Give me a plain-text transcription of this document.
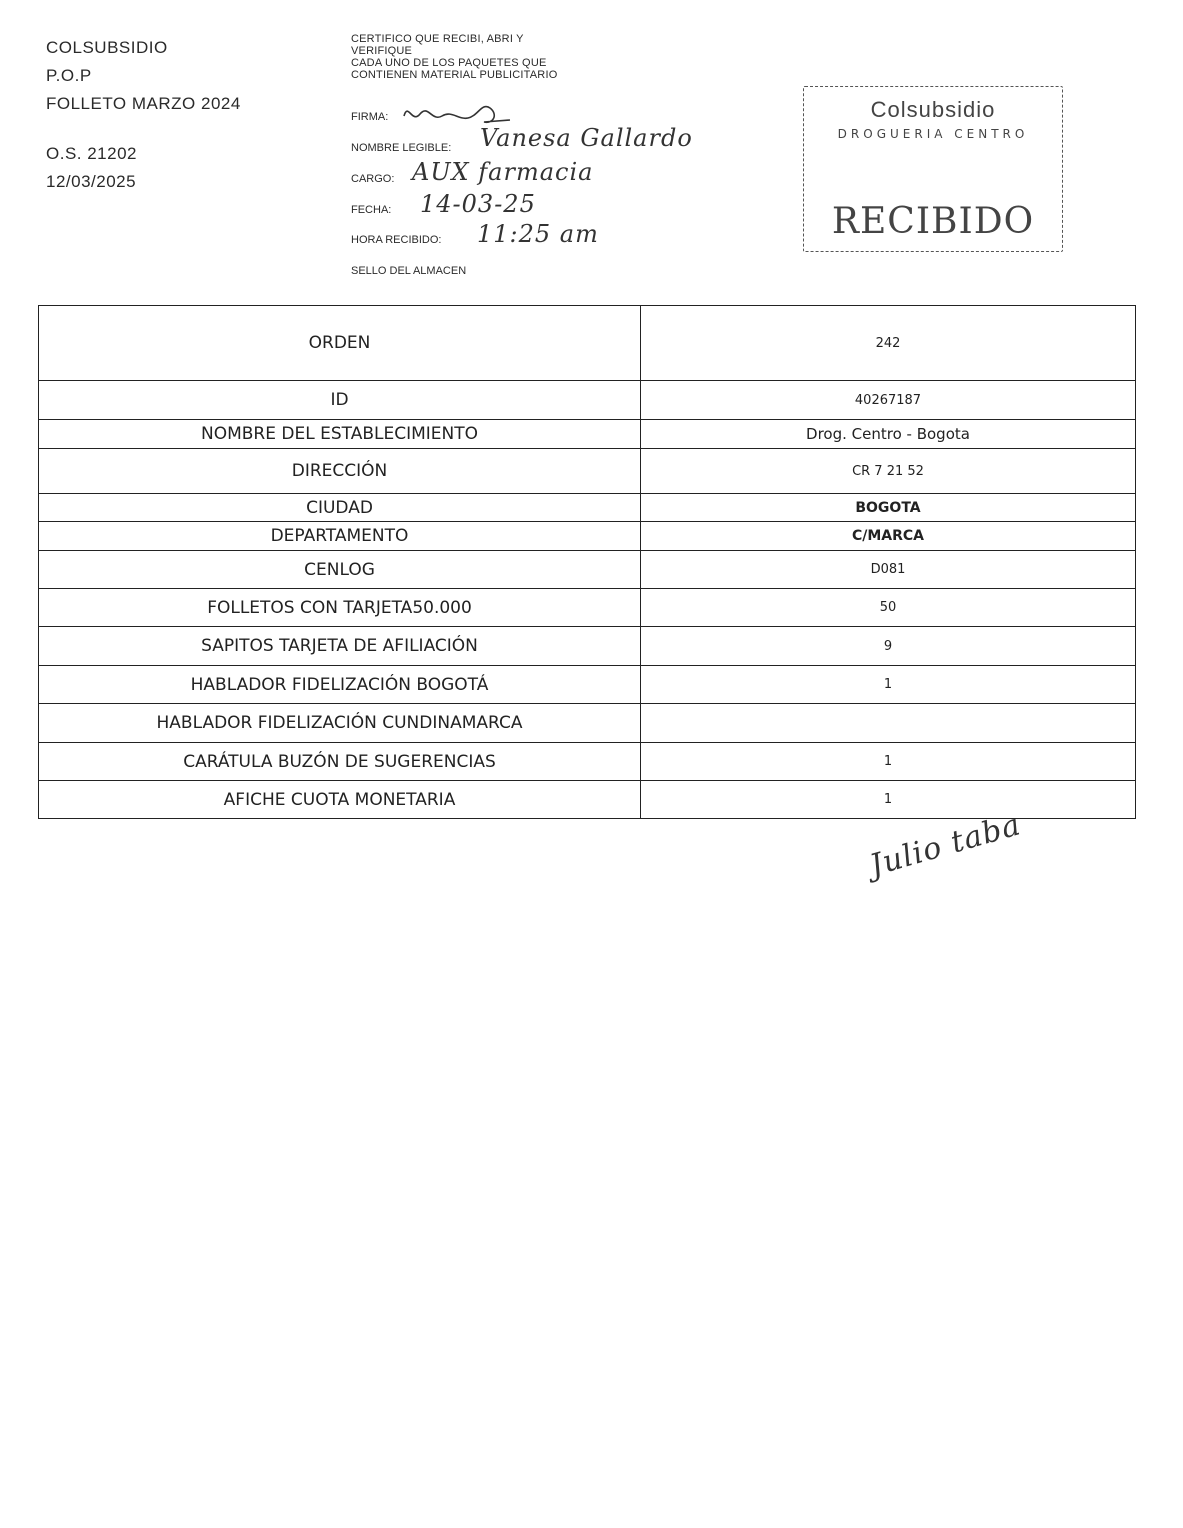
COLSUBSIDIO
P.O.P
FOLLETO MARZO 2024
O.S. 21202
12/03/2025
CERTIFICO QUE RECIBI, ABRI Y
VERIFIQUE
CADA UNO DE LOS PAQUETES QUE
CONTIENEN MATERIAL PUBLICITARIO
FIRMA:
NOMBRE LEGIBLE: Vanesa Gallardo
CARGO: AUX farmacia
FECHA: 14-03-25
HORA RECIBIDO: 11:25 am
SELLO DEL ALMACEN
Colsubsidio
DROGUERIA CENTRO
RECIBIDO
ORDEN	242
ID	40267187
NOMBRE DEL ESTABLECIMIENTO	Drog. Centro - Bogota
DIRECCIÓN	CR 7 21 52
CIUDAD	BOGOTA
DEPARTAMENTO	C/MARCA
CENLOG	D081
FOLLETOS CON TARJETA50.000	50
SAPITOS TARJETA DE AFILIACIÓN	9
HABLADOR FIDELIZACIÓN BOGOTÁ	1
HABLADOR FIDELIZACIÓN CUNDINAMARCA	
CARÁTULA BUZÓN DE SUGERENCIAS	1
AFICHE CUOTA MONETARIA	1
Julio taba
